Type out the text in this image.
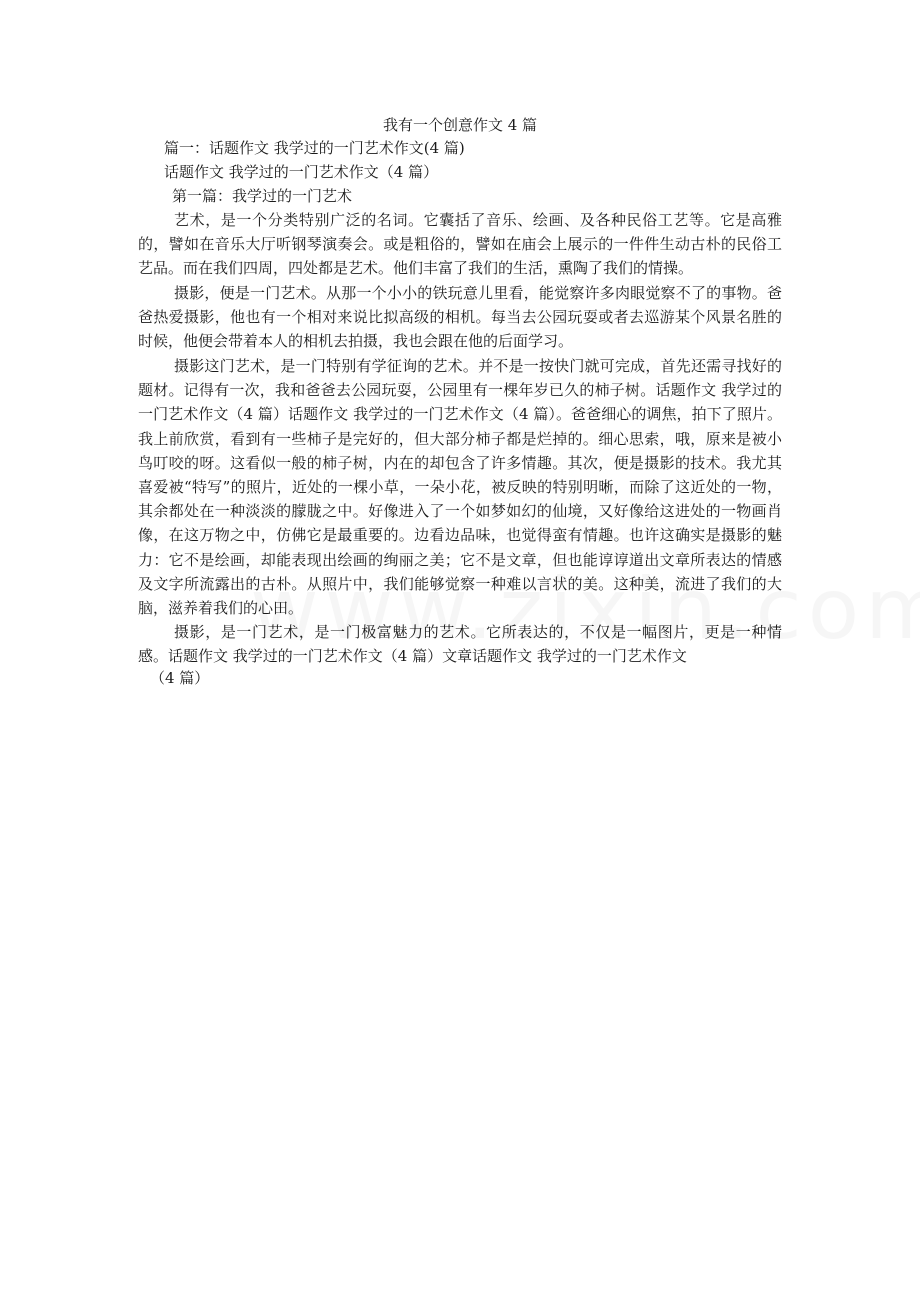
我有一个创意作文 4 篇
篇一：话题作文 我学过的一门艺术作文(4 篇)
话题作文 我学过的一门艺术作文（4 篇）
第一篇：我学过的一门艺术
艺术，是一个分类特别广泛的名词。它囊括了音乐、绘画、及各种民俗工艺等。它是高雅的，譬如在音乐大厅听钢琴演奏会。或是粗俗的，譬如在庙会上展示的一件件生动古朴的民俗工艺品。而在我们四周，四处都是艺术。他们丰富了我们的生活，熏陶了我们的情操。
摄影，便是一门艺术。从那一个小小的铁玩意儿里看，能觉察许多肉眼觉察不了的事物。爸爸热爱摄影，他也有一个相对来说比拟高级的相机。每当去公园玩耍或者去巡游某个风景名胜的时候，他便会带着本人的相机去拍摄，我也会跟在他的后面学习。
摄影这门艺术，是一门特别有学征询的艺术。并不是一按快门就可完成，首先还需寻找好的题材。记得有一次，我和爸爸去公园玩耍，公园里有一棵年岁已久的柿子树。话题作文 我学过的一门艺术作文（4 篇）话题作文 我学过的一门艺术作文（4 篇）。爸爸细心的调焦，拍下了照片。我上前欣赏，看到有一些柿子是完好的，但大部分柿子都是烂掉的。细心思索，哦，原来是被小鸟叮咬的呀。这看似一般的柿子树，内在的却包含了许多情趣。其次，便是摄影的技术。我尤其喜爱被“特写”的照片，近处的一棵小草，一朵小花，被反映的特别明晰，而除了这近处的一物，其余都处在一种淡淡的朦胧之中。好像进入了一个如梦如幻的仙境，又好像给这进处的一物画肖像，在这万物之中，仿佛它是最重要的。边看边品味，也觉得蛮有情趣。也许这确实是摄影的魅力：它不是绘画，却能表现出绘画的绚丽之美；它不是文章，但也能谆谆道出文章所表达的情感及文字所流露出的古朴。从照片中，我们能够觉察一种难以言状的美。这种美，流进了我们的大脑，滋养着我们的心田。
摄影，是一门艺术，是一门极富魅力的艺术。它所表达的，不仅是一幅图片，更是一种情感。话题作文 我学过的一门艺术作文（4 篇）文章话题作文 我学过的一门艺术作文
（4 篇）
